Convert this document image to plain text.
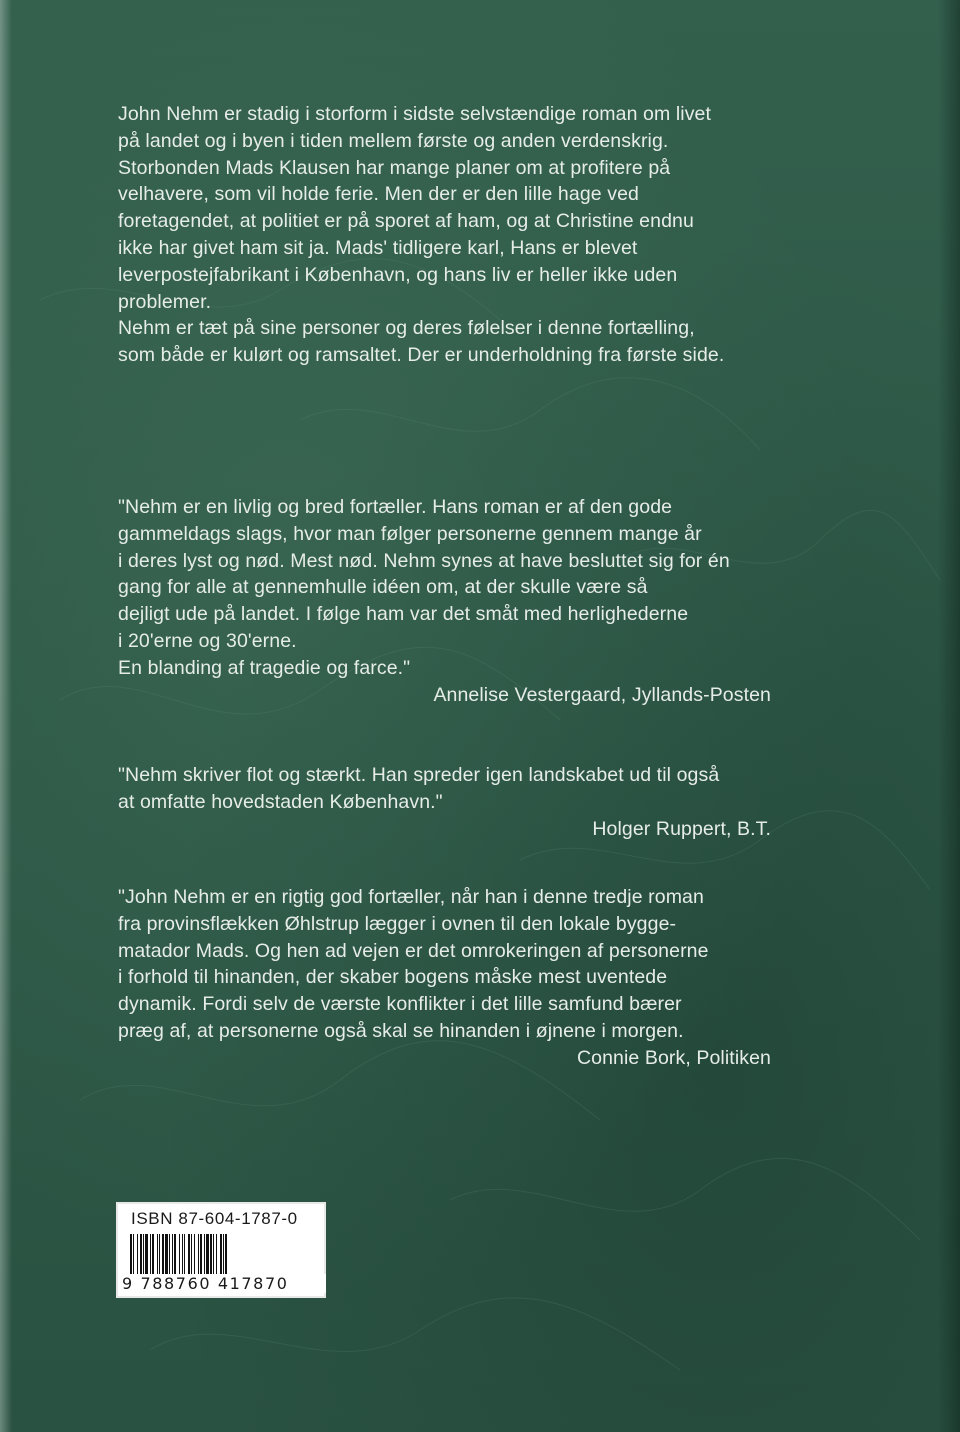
John Nehm er stadig i storform i sidste selvstændige roman om livet

på landet og i byen i tiden mellem første og anden verdenskrig.

Storbonden Mads Klausen har mange planer om at profitere på

velhavere, som vil holde ferie. Men der er den lille hage ved

foretagendet, at politiet er på sporet af ham, og at Christine endnu

ikke har givet ham sit ja. Mads' tidligere karl, Hans er blevet

leverpostejfabrikant i København, og hans liv er heller ikke uden

problemer.

Nehm er tæt på sine personer og deres følelser i denne fortælling,

som både er kulørt og ramsaltet. Der er underholdning fra første side.

"Nehm er en livlig og bred fortæller. Hans roman er af den gode

gammeldags slags, hvor man følger personerne gennem mange år

i deres lyst og nød. Mest nød. Nehm synes at have besluttet sig for én

gang for alle at gennemhulle idéen om, at der skulle være så

dejligt ude på landet. I følge ham var det småt med herlighederne

i 20'erne og 30'erne.

En blanding af tragedie og farce."

Annelise Vestergaard, Jyllands-Posten

"Nehm skriver flot og stærkt. Han spreder igen landskabet ud til også

at omfatte hovedstaden København."

Holger Ruppert, B.T.

"John Nehm er en rigtig god fortæller, når han i denne tredje roman

fra provinsflækken Øhlstrup lægger i ovnen til den lokale bygge-

matador Mads. Og hen ad vejen er det omrokeringen af personerne

i forhold til hinanden, der skaber bogens måske mest uventede

dynamik. Fordi selv de værste konflikter i det lille samfund bærer

præg af, at personerne også skal se hinanden i øjnene i morgen.

Connie Bork, Politiken

ISBN 87-604-1787-0
9 788760 417870
